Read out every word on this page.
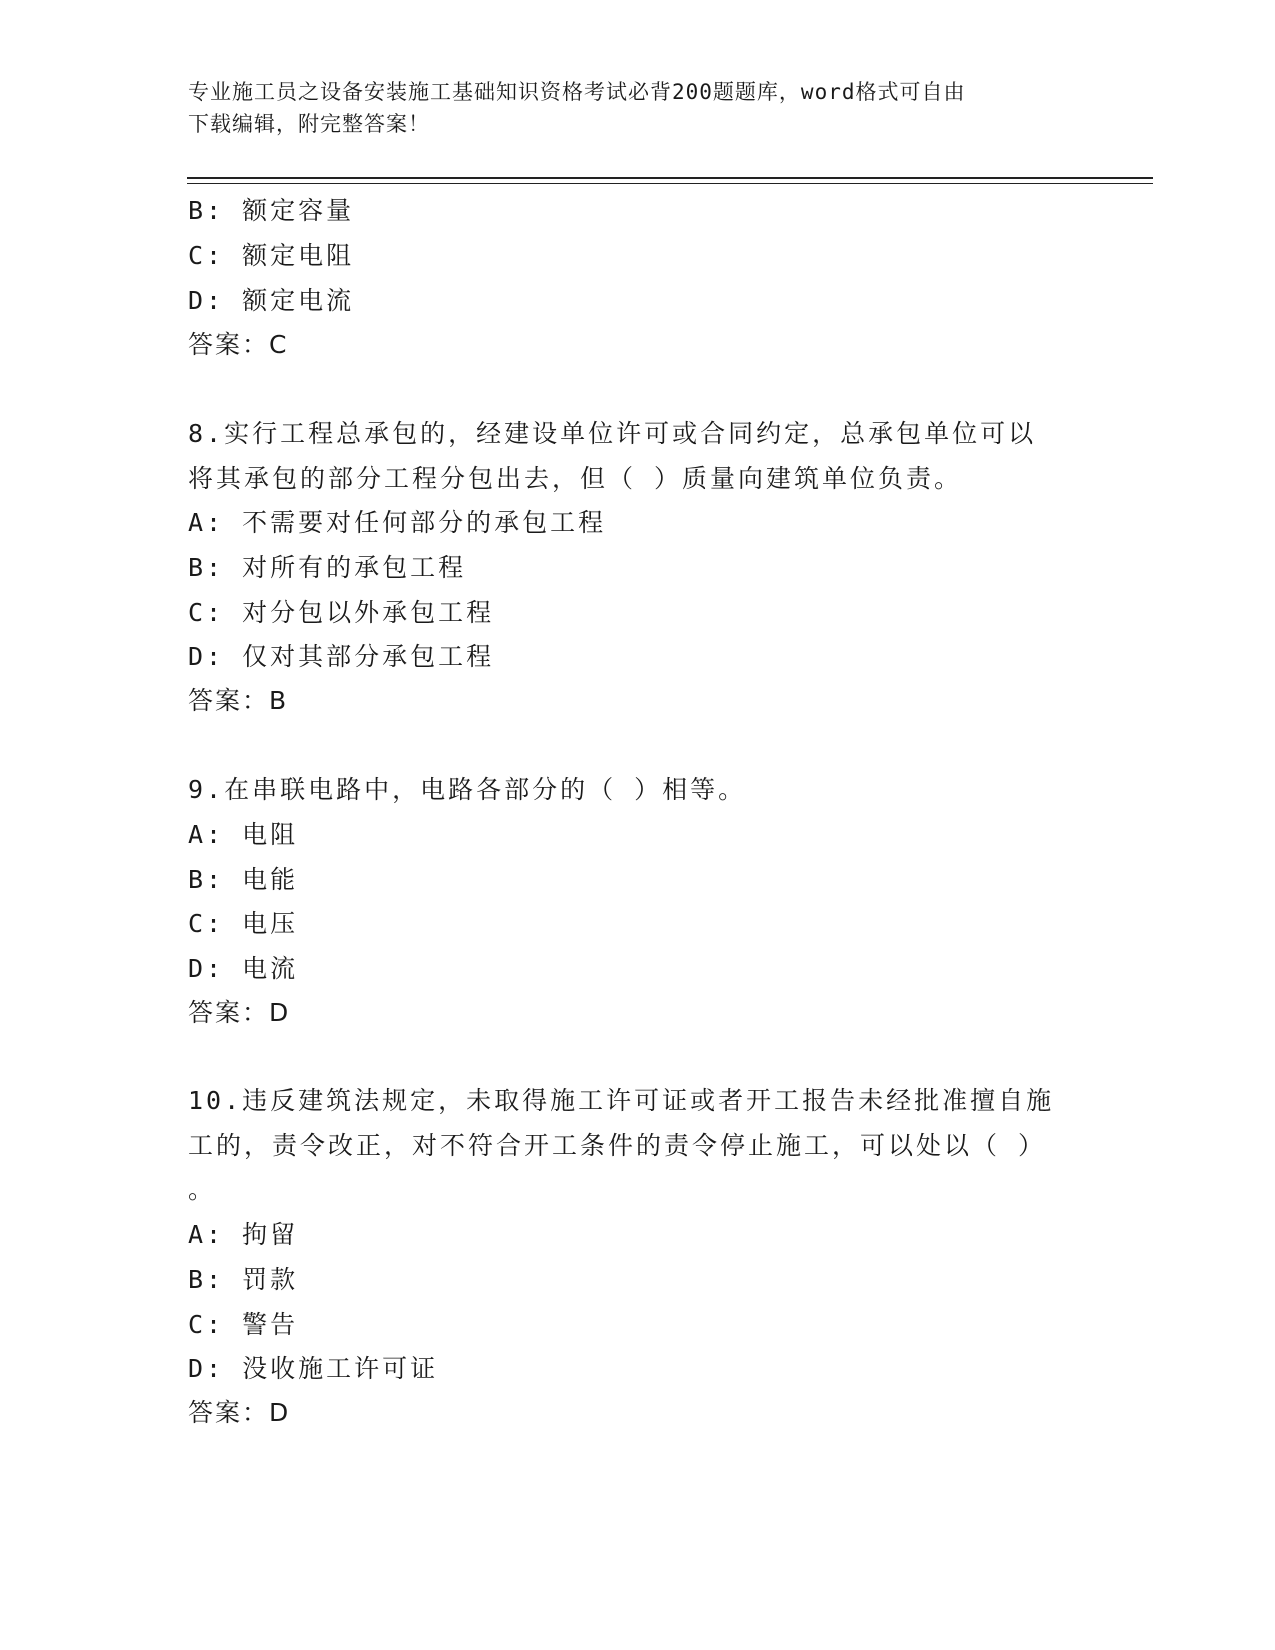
专业施工员之设备安装施工基础知识资格考试必背200题题库，word格式可自由
下载编辑，附完整答案！
B: 额定容量
C: 额定电阻
D: 额定电流
答案：C
8.实行工程总承包的，经建设单位许可或合同约定，总承包单位可以
将其承包的部分工程分包出去，但（ ）质量向建筑单位负责。
A: 不需要对任何部分的承包工程
B: 对所有的承包工程
C: 对分包以外承包工程
D: 仅对其部分承包工程
答案：B
9.在串联电路中，电路各部分的（ ）相等。
A: 电阻
B: 电能
C: 电压
D: 电流
答案：D
10.违反建筑法规定，未取得施工许可证或者开工报告未经批准擅自施
工的，责令改正，对不符合开工条件的责令停止施工，可以处以（ ）
。
A: 拘留
B: 罚款
C: 警告
D: 没收施工许可证
答案：D
